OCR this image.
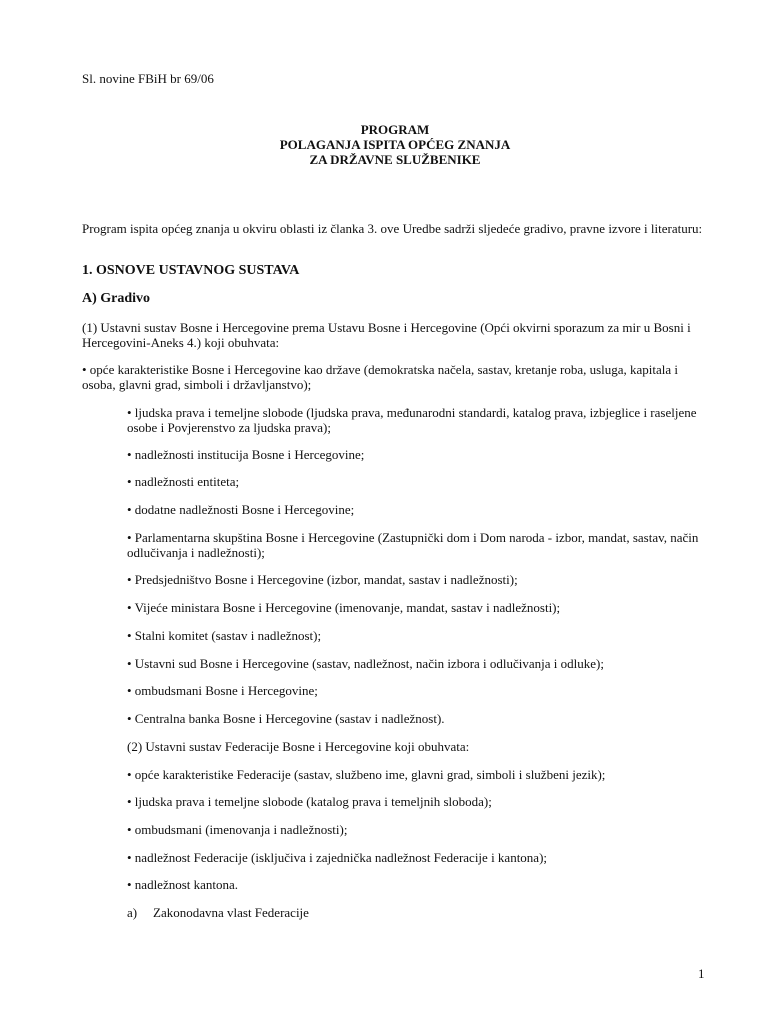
Sl. novine FBiH br 69/06
PROGRAM
POLAGANJA ISPITA OPĆEG ZNANJA
ZA DRŽAVNE SLUŽBENIKE
Program ispita općeg znanja u okviru oblasti iz članka 3. ove Uredbe sadrži sljedeće gradivo, pravne izvore i literaturu:
1. OSNOVE USTAVNOG SUSTAVA
A) Gradivo
(1) Ustavni sustav Bosne i Hercegovine prema Ustavu Bosne i Hercegovine (Opći okvirni sporazum za mir u Bosni i Hercegovini-Aneks 4.) koji obuhvata:
• opće karakteristike Bosne i Hercegovine kao države (demokratska načela, sastav, kretanje roba, usluga, kapitala i osoba, glavni grad, simboli i državljanstvo);
• ljudska prava i temeljne slobode (ljudska prava, međunarodni standardi, katalog prava, izbjeglice i raseljene osobe i Povjerenstvo za ljudska prava);
• nadležnosti institucija Bosne i Hercegovine;
• nadležnosti entiteta;
• dodatne nadležnosti Bosne i Hercegovine;
• Parlamentarna skupština Bosne i Hercegovine (Zastupnički dom i Dom naroda - izbor, mandat, sastav, način odlučivanja i nadležnosti);
• Predsjedništvo Bosne i Hercegovine (izbor, mandat, sastav i nadležnosti);
• Vijeće ministara Bosne i Hercegovine (imenovanje, mandat, sastav i nadležnosti);
• Stalni komitet (sastav i nadležnost);
• Ustavni sud Bosne i Hercegovine (sastav, nadležnost, način izbora i odlučivanja i odluke);
• ombudsmani Bosne i Hercegovine;
• Centralna banka Bosne i Hercegovine (sastav i nadležnost).
(2) Ustavni sustav Federacije Bosne i Hercegovine koji obuhvata:
• opće karakteristike Federacije (sastav, službeno ime, glavni grad, simboli i službeni jezik);
• ljudska prava i temeljne slobode (katalog prava i temeljnih sloboda);
• ombudsmani (imenovanja i nadležnosti);
• nadležnost Federacije (isključiva i zajednička nadležnost Federacije i kantona);
• nadležnost kantona.
a) Zakonodavna vlast Federacije
1
